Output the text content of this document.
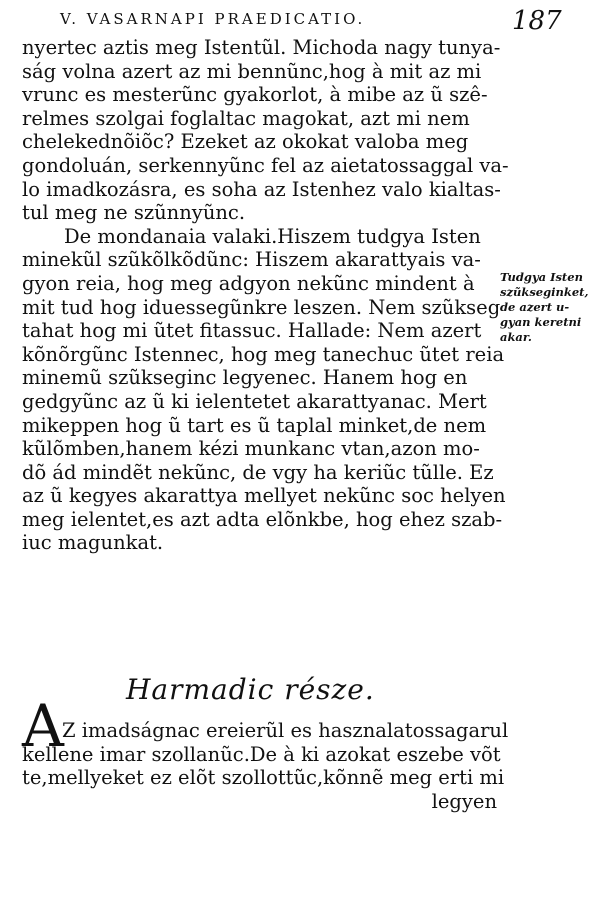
V. VASARNAPI PRAEDICATIO.	187
nyertec aztis meg Istentũl. Michoda nagy tunya-
ság volna azert az mi bennũnc,hog à mit az mi
vrunc es mesterũnc gyakorlot, à mibe az ũ szê-
relmes szolgai foglaltac magokat, azt mi nem
chelekednõiõc? Ezeket az okokat valoba meg
gondoluán, serkennyũnc fel az aietatossaggal va-
lo imadkozásra, es soha az Istenhez valo kialtas-
tul meg ne szũnnyũnc.
De mondanaia valaki.Hiszem tudgya Isten
minekũl szũkõlkõdũnc: Hiszem akarattyais va-
gyon reia, hog meg adgyon nekũnc mindent à
mit tud hog iduessegũnkre leszen. Nem szũkseg
tahat hog mi ũtet fitassuc. Hallade: Nem azert
kõnõrgũnc Istennec, hog meg tanechuc ũtet reia
minemũ szũkseginc legyenec. Hanem hog en
gedgyũnc az ũ ki ielentetet akarattyanac. Mert
mikeppen hog ũ tart es ũ taplal minket,de nem
kũlõmben,hanem kézi munkanc vtan,azon mo-
dõ ád mindẽt nekũnc, de vgy ha keriũc tũlle. Ez
az ũ kegyes akarattya mellyet nekũnc soc helyen
meg ielentet,es azt adta elõnkbe, hog ehez szab-
iuc magunkat.
Tudgya Isten
szũkseginket,
de azert u-
gyan keretni
akar.
Harmadic része.
A
Z imadságnac ereierũl es hasznalatossagarul
kellene imar szollanũc.De à ki azokat eszebe võt
te,mellyeket ez elõt szollottũc,kõnnẽ meg erti mi
legyen
